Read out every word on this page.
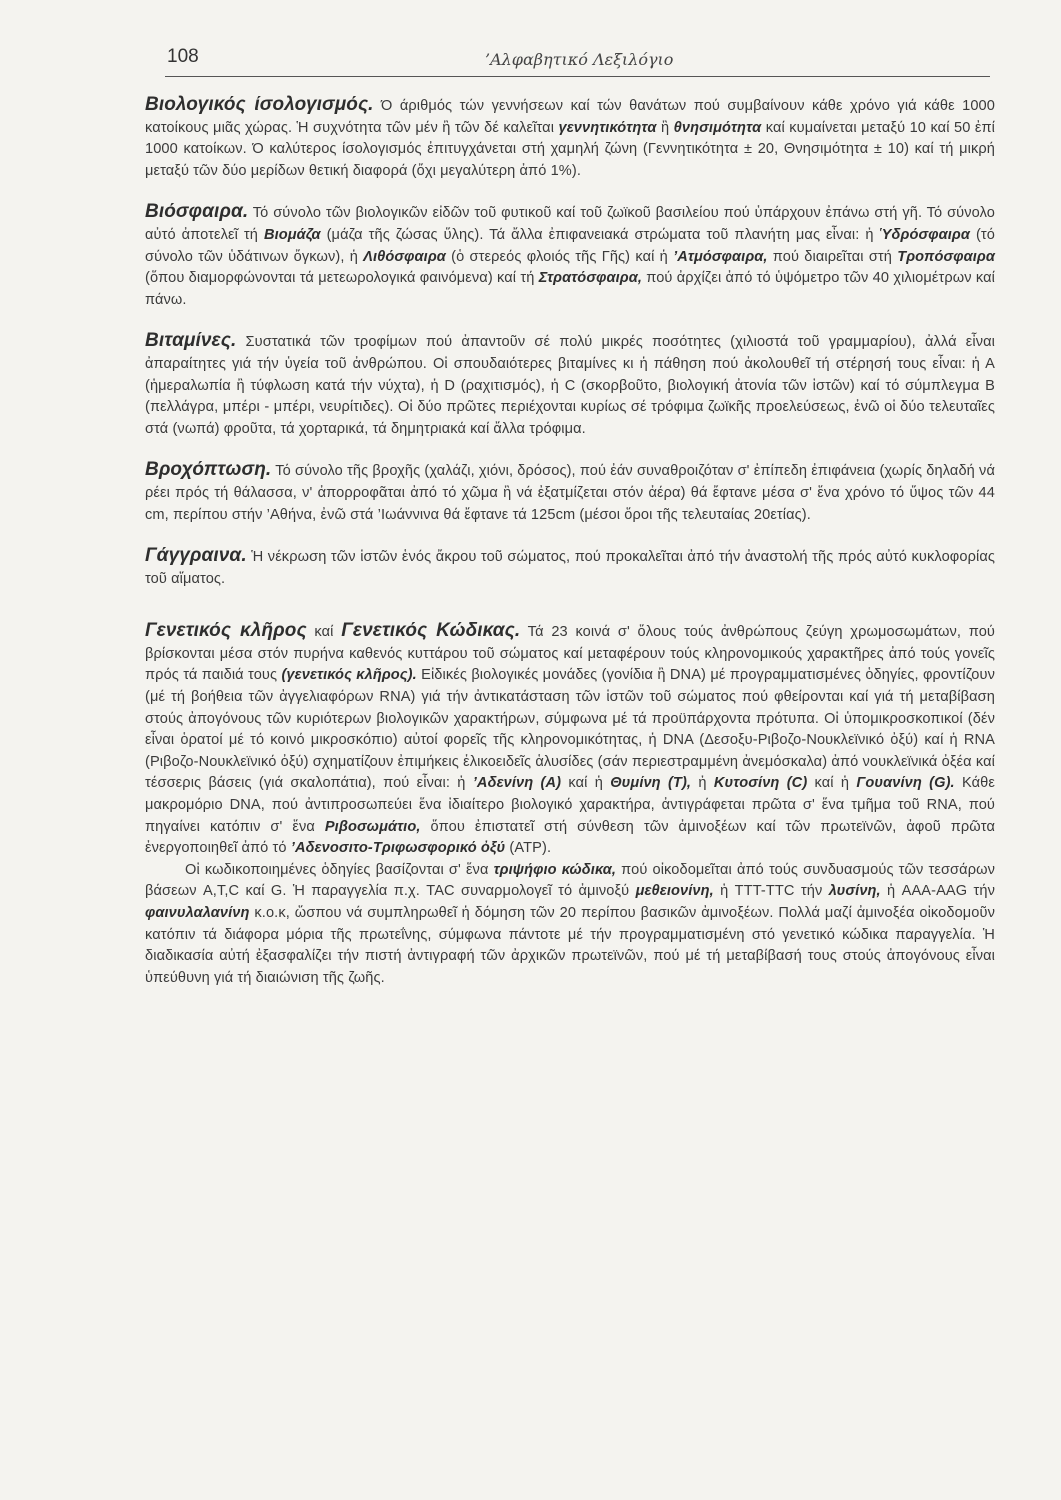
108	’Αλφαβητικό Λεξιλόγιο

Βιολογικός ίσολογισμός. Ό άριθμός τών γεννήσεων καί τών θανάτων πού συμβαίνουν κάθε χρόνο γιά κάθε 1000 κατοίκους μιᾶς χώρας. Ἡ συχνότητα τῶν μέν ἢ τῶν δέ καλεῖται γεννητικότητα ἢ θνησιμότητα καί κυμαίνεται μεταξύ 10 καί 50 ἐπί 1000 κατοίκων. Ό καλύτερος ίσολογισμός ἐπιτυγχάνεται στή χαμηλή ζώνη (Γεννητικότητα ± 20, Θνησιμότητα ± 10) καί τή μικρή μεταξύ τῶν δύο μερίδων θετική διαφορά (ὄχι μεγαλύτερη ἀπό 1%).

Βιόσφαιρα. Τό σύνολο τῶν βιολογικῶν εἰδῶν τοῦ φυτικοῦ καί τοῦ ζωϊκοῦ βασιλείου πού ὑπάρχουν ἐπάνω στή γῆ. Τό σύνολο αὐτό ἀποτελεῖ τή Βιομάζα (μάζα τῆς ζώσας ὕλης). Τά ἄλλα ἐπιφανειακά στρώματα τοῦ πλανήτη μας εἶναι: ἡ Ὑδρόσφαιρα (τό σύνολο τῶν ὑδάτινων ὄγκων), ἡ Λιθόσφαιρα (ὁ στερεός φλοιός τῆς Γῆς) καί ἡ ’Ατμόσφαιρα, πού διαιρεῖται στή Τροπόσφαιρα (ὅπου διαμορφώνονται τά μετεωρολογικά φαινόμενα) καί τή Στρατόσφαιρα, πού ἀρχίζει ἀπό τό ὑψόμετρο τῶν 40 χιλιομέτρων καί πάνω.

Βιταμίνες. Συστατικά τῶν τροφίμων πού ἀπαντοῦν σέ πολύ μικρές ποσότητες (χιλιοστά τοῦ γραμμαρίου), ἀλλά εἶναι ἀπαραίτητες γιά τήν ὑγεία τοῦ ἀνθρώπου. Οἱ σπουδαιότερες βιταμίνες κι ἡ πάθηση πού ἀκολουθεῖ τή στέρησή τους εἶναι: ἡ Α (ἡμεραλωπία ἢ τύφλωση κατά τήν νύχτα), ἡ D (ραχιτισμός), ἡ C (σκορβοῦτο, βιολογική ἀτονία τῶν ἱστῶν) καί τό σύμπλεγμα Β (πελλάγρα, μπέρι - μπέρι, νευρίτιδες). Οἱ δύο πρῶτες περιέχονται κυρίως σέ τρόφιμα ζωϊκῆς προελεύσεως, ἐνῶ οἱ δύο τελευταῖες στά (νωπά) φροῦτα, τά χορταρικά, τά δημητριακά καί ἄλλα τρόφιμα.

Βροχόπτωση. Τό σύνολο τῆς βροχῆς (χαλάζι, χιόνι, δρόσος), πού ἐάν συναθροιζόταν σ' ἐπίπεδη ἐπιφάνεια (χωρίς δηλαδή νά ρέει πρός τή θάλασσα, ν' ἀπορροφᾶται ἀπό τό χῶμα ἢ νά ἐξατμίζεται στόν ἀέρα) θά ἔφτανε μέσα σ' ἕνα χρόνο τό ὕψος τῶν 44 cm, περίπου στήν ’Αθήνα, ἐνῶ στά ’Ιωάννινα θά ἔφτανε τά 125cm (μέσοι ὅροι τῆς τελευταίας 20ετίας).

Γάγγραινα. Ἡ νέκρωση τῶν ἱστῶν ἑνός ἄκρου τοῦ σώματος, πού προκαλεῖται ἀπό τήν ἀναστολή τῆς πρός αὐτό κυκλοφορίας τοῦ αἵματος.

Γενετικός κλῆρος καί Γενετικός Κώδικας. Τά 23 κοινά σ' ὅλους τούς ἀνθρώπους ζεύγη χρωμοσωμάτων, πού βρίσκονται μέσα στόν πυρήνα καθενός κυττάρου τοῦ σώματος καί μεταφέρουν τούς κληρονομικούς χαρακτῆρες ἀπό τούς γονεῖς πρός τά παιδιά τους (γενετικός κλῆρος). Εἰδικές βιολογικές μονάδες (γονίδια ἢ DNA) μέ προγραμματισμένες ὁδηγίες, φροντίζουν (μέ τή βοήθεια τῶν ἀγγελιαφόρων RNA) γιά τήν ἀντικατάσταση τῶν ἱστῶν τοῦ σώματος πού φθείρονται καί γιά τή μεταβίβαση στούς ἀπογόνους τῶν κυριότερων βιολογικῶν χαρακτήρων, σύμφωνα μέ τά προϋπάρχοντα πρότυπα. Οἱ ὑπομικροσκοπικοί (δέν εἶναι ὁρατοί μέ τό κοινό μικροσκόπιο) αὐτοί φορεῖς τῆς κληρονομικότητας, ἡ DNA (Δεσοξυ-Ριβοζο-Νουκλεϊνικό ὀξύ) καί ἡ RNA (Ριβοζο-Νουκλεϊνικό ὀξύ) σχηματίζουν ἐπιμήκεις ἑλικοειδεῖς ἁλυσίδες (σάν περιεστραμμένη ἀνεμόσκαλα) ἀπό νουκλεϊνικά ὀξέα καί τέσσερις βάσεις (γιά σκαλοπάτια), πού εἶναι: ἡ ’Αδενίνη (Α) καί ἡ Θυμίνη (Τ), ἡ Κυτοσίνη (C) καί ἡ Γουανίνη (G). Κάθε μακρομόριο DNA, πού ἀντιπροσωπεύει ἕνα ἰδιαίτερο βιολογικό χαρακτήρα, ἀντιγράφεται πρῶτα σ' ἕνα τμῆμα τοῦ RNA, πού πηγαίνει κατόπιν σ' ἕνα Ριβοσωμάτιο, ὅπου ἐπιστατεῖ στή σύνθεση τῶν ἀμινοξέων καί τῶν πρωτεϊνῶν, ἀφοῦ πρῶτα ἐνεργοποιηθεῖ ἀπό τό ’Αδενοσιτο-Τριφωσφορικό ὀξύ (ATP).

Οἱ κωδικοποιημένες ὁδηγίες βασίζονται σ' ἕνα τριψήφιο κώδικα, πού οἰκοδομεῖται ἀπό τούς συνδυασμούς τῶν τεσσάρων βάσεων A,T,C καί G. Ἡ παραγγελία π.χ. TAC συναρμολογεῖ τό ἀμινοξύ μεθειονίνη, ἡ TTT-TTC τήν λυσίνη, ἡ AAA-AAG τήν φαινυλαλανίνη κ.ο.κ, ὥσπου νά συμπληρωθεῖ ἡ δόμηση τῶν 20 περίπου βασικῶν ἀμινοξέων. Πολλά μαζί ἀμινοξέα οἰκοδομοῦν κατόπιν τά διάφορα μόρια τῆς πρωτεΐνης, σύμφωνα πάντοτε μέ τήν προγραμματισμένη στό γενετικό κώδικα παραγγελία. Ἡ διαδικασία αὐτή ἐξασφαλίζει τήν πιστή ἀντιγραφή τῶν ἀρχικῶν πρωτεϊνῶν, πού μέ τή μεταβίβασή τους στούς ἀπογόνους εἶναι ὑπεύθυνη γιά τή διαιώνιση τῆς ζωῆς.
